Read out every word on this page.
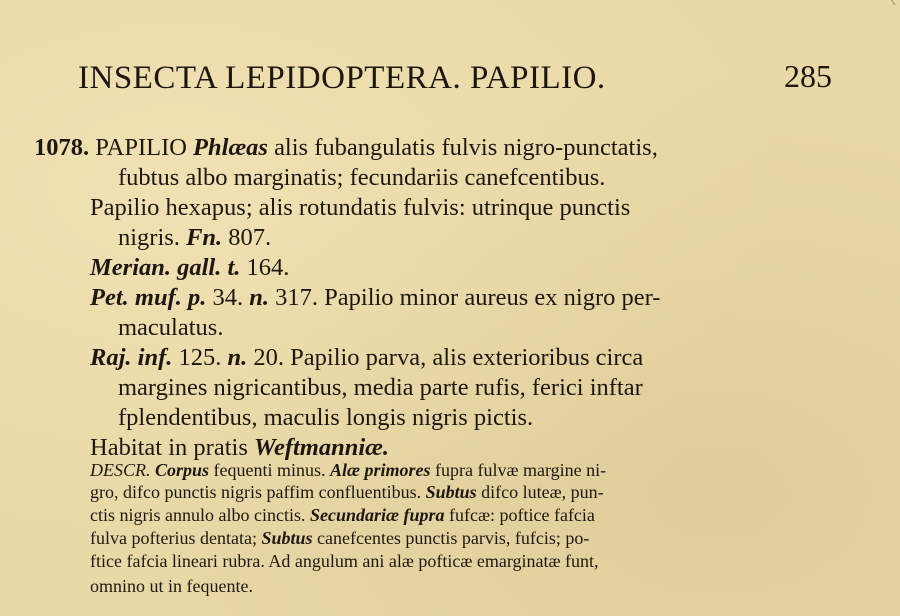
INSECTA LEPIDOPTERA. PAPILIO.	285
1078. PAPILIO Phlæas alis fubangulatis fulvis nigro-punctatis,
fubtus albo marginatis; fecundariis canefcentibus.
Papilio hexapus; alis rotundatis fulvis: utrinque punctis
nigris. Fn. 807.
Merian. gall. t. 164.
Pet. muf. p. 34. n. 317. Papilio minor aureus ex nigro per-
maculatus.
Raj. inf. 125. n. 20. Papilio parva, alis exterioribus circa
margines nigricantibus, media parte rufis, ferici inftar
fplendentibus, maculis longis nigris pictis.
Habitat in pratis Weftmanniæ.
DESCR. Corpus fequenti minus. Alæ primores fupra fulvæ margine ni-
gro, difco punctis nigris paffim confluentibus. Subtus difco luteæ, pun-
ctis nigris annulo albo cinctis. Secundariæ fupra fufcæ: poftice fafcia
fulva pofterius dentata; Subtus canefcentes punctis parvis, fufcis; po-
ftice fafcia lineari rubra. Ad angulum ani alæ pofticæ emarginatæ funt,
omnino ut in fequente.
